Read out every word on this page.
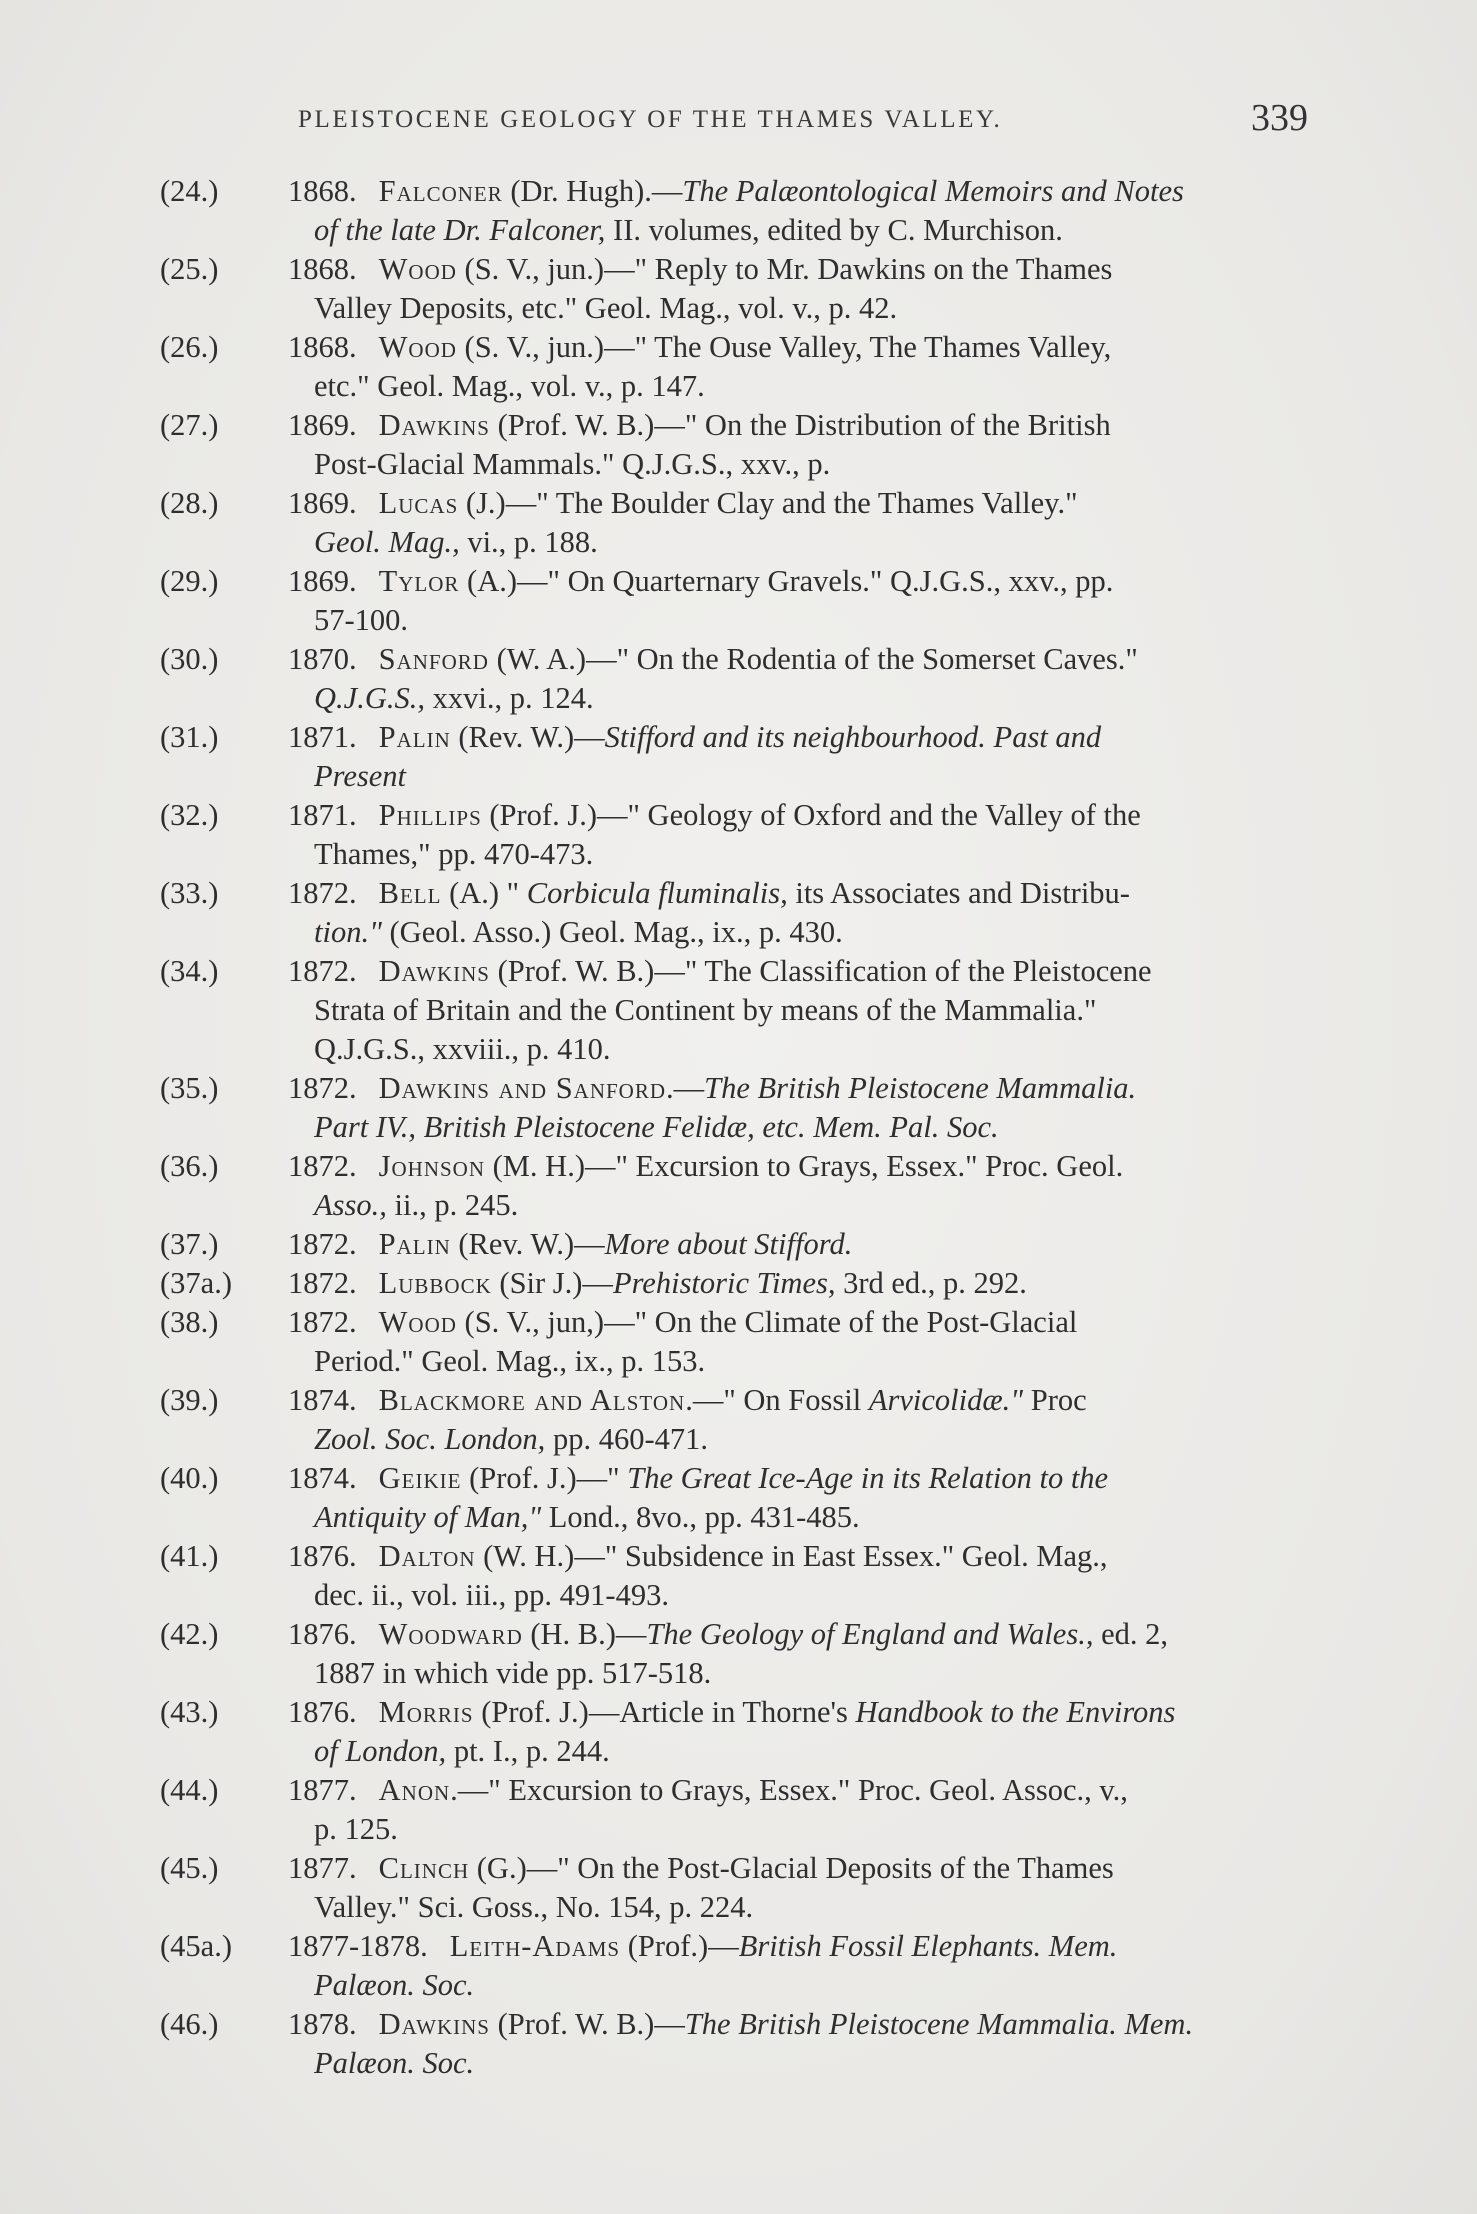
PLEISTOCENE GEOLOGY OF THE THAMES VALLEY.	339
(24.) 1868. Falconer (Dr. Hugh).—The Palæontological Memoirs and Notes
of the late Dr. Falconer, II. volumes, edited by C. Murchison.
(25.) 1868. Wood (S. V., jun.)—" Reply to Mr. Dawkins on the Thames
Valley Deposits, etc." Geol. Mag., vol. v., p. 42.
(26.) 1868. Wood (S. V., jun.)—" The Ouse Valley, The Thames Valley,
etc." Geol. Mag., vol. v., p. 147.
(27.) 1869. Dawkins (Prof. W. B.)—" On the Distribution of the British
Post-Glacial Mammals." Q.J.G.S., xxv., p.
(28.) 1869. Lucas (J.)—" The Boulder Clay and the Thames Valley."
Geol. Mag., vi., p. 188.
(29.) 1869. Tylor (A.)—" On Quarternary Gravels." Q.J.G.S., xxv., pp.
57-100.
(30.) 1870. Sanford (W. A.)—" On the Rodentia of the Somerset Caves."
Q.J.G.S., xxvi., p. 124.
(31.) 1871. Palin (Rev. W.)—Stifford and its neighbourhood. Past and
Present
(32.) 1871. Phillips (Prof. J.)—" Geology of Oxford and the Valley of the
Thames," pp. 470-473.
(33.) 1872. Bell (A.) " Corbicula fluminalis, its Associates and Distribu-
tion." (Geol. Asso.) Geol. Mag., ix., p. 430.
(34.) 1872. Dawkins (Prof. W. B.)—" The Classification of the Pleistocene
Strata of Britain and the Continent by means of the Mammalia."
Q.J.G.S., xxviii., p. 410.
(35.) 1872. Dawkins and Sanford.—The British Pleistocene Mammalia.
Part IV., British Pleistocene Felidæ, etc. Mem. Pal. Soc.
(36.) 1872. Johnson (M. H.)—" Excursion to Grays, Essex." Proc. Geol.
Asso., ii., p. 245.
(37.) 1872. Palin (Rev. W.)—More about Stifford.
(37a.) 1872. Lubbock (Sir J.)—Prehistoric Times, 3rd ed., p. 292.
(38.) 1872. Wood (S. V., jun,)—" On the Climate of the Post-Glacial
Period." Geol. Mag., ix., p. 153.
(39.) 1874. Blackmore and Alston.—" On Fossil Arvicolidæ." Proc
Zool. Soc. London, pp. 460-471.
(40.) 1874. Geikie (Prof. J.)—" The Great Ice-Age in its Relation to the
Antiquity of Man," Lond., 8vo., pp. 431-485.
(41.) 1876. Dalton (W. H.)—" Subsidence in East Essex." Geol. Mag.,
dec. ii., vol. iii., pp. 491-493.
(42.) 1876. Woodward (H. B.)—The Geology of England and Wales., ed. 2,
1887 in which vide pp. 517-518.
(43.) 1876. Morris (Prof. J.)—Article in Thorne's Handbook to the Environs
of London, pt. I., p. 244.
(44.) 1877. Anon.—" Excursion to Grays, Essex." Proc. Geol. Assoc., v.,
p. 125.
(45.) 1877. Clinch (G.)—" On the Post-Glacial Deposits of the Thames
Valley." Sci. Goss., No. 154, p. 224.
(45a.) 1877-1878. Leith-Adams (Prof.)—British Fossil Elephants. Mem.
Palæon. Soc.
(46.) 1878. Dawkins (Prof. W. B.)—The British Pleistocene Mammalia. Mem.
Palæon. Soc.
